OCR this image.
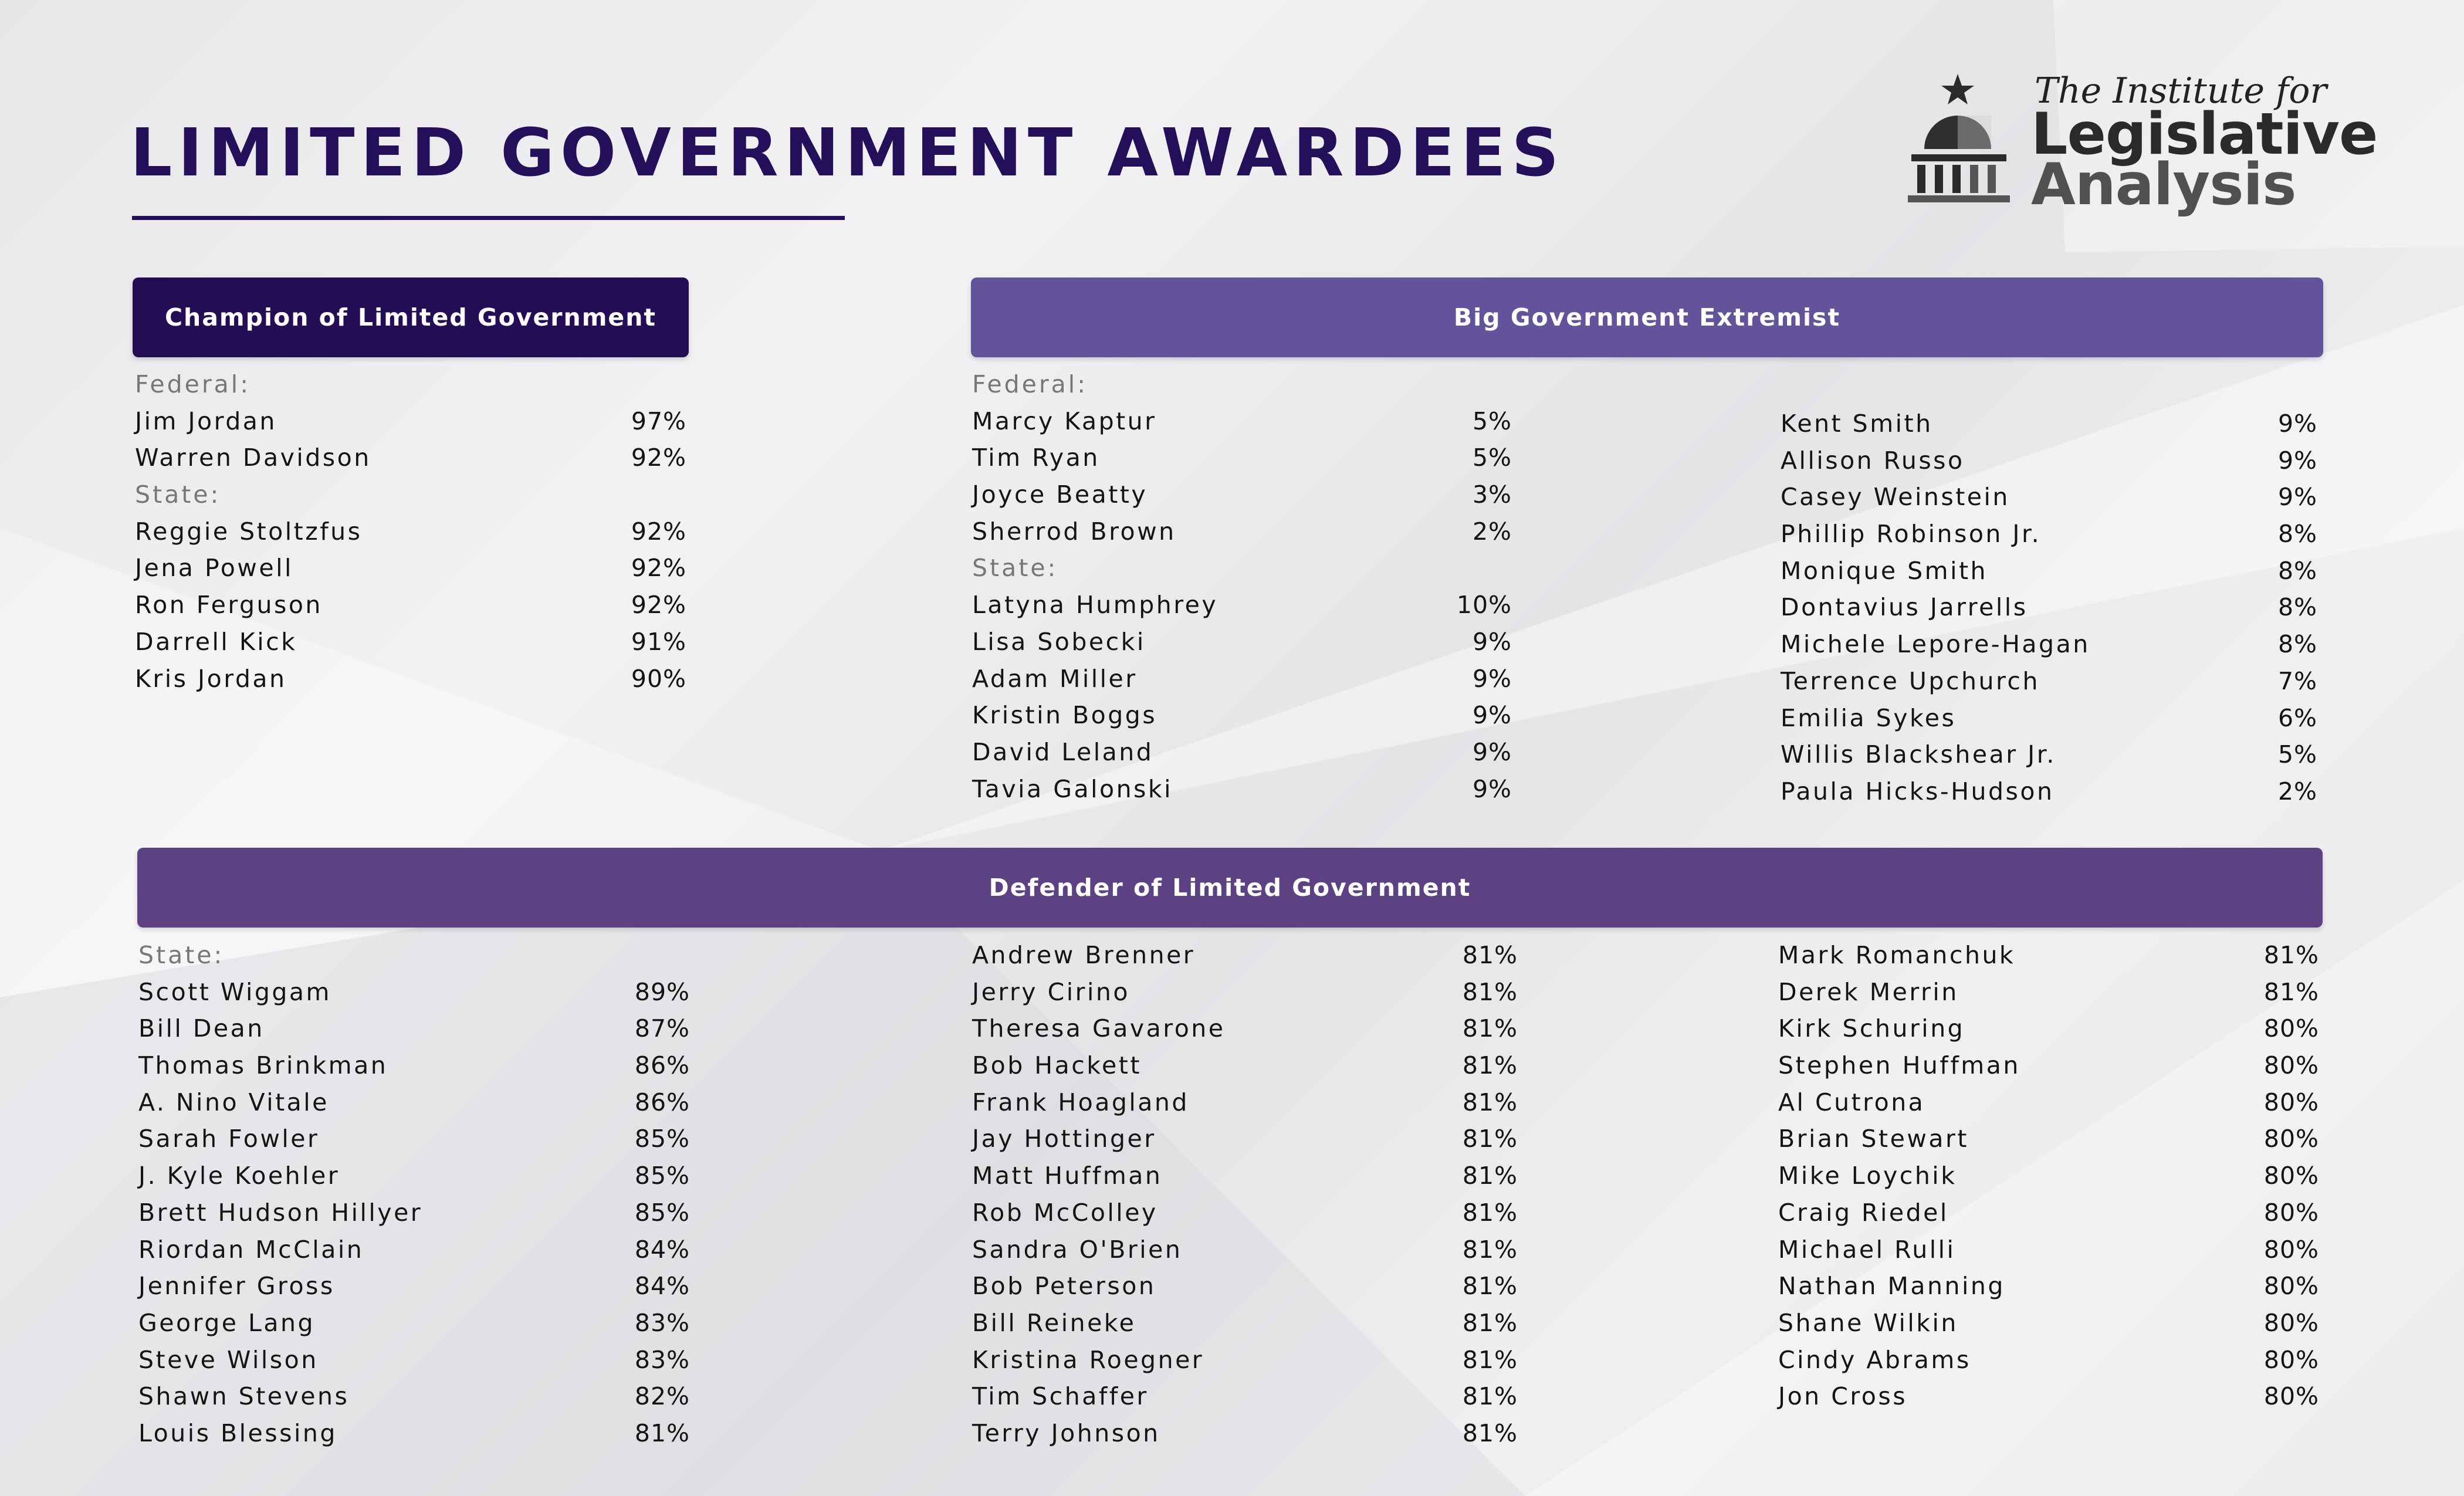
LIMITED GOVERNMENT AWARDEES
The Institute for
Legislative
Analysis
Champion of Limited Government	Big Government Extremist
Defender of Limited Government
Federal:
Jim Jordan	97%
Warren Davidson	92%
State:
Reggie Stoltzfus	92%
Jena Powell	92%
Ron Ferguson	92%
Darrell Kick	91%
Kris Jordan	90%
Federal:
Marcy Kaptur	5%
Tim Ryan	5%
Joyce Beatty	3%
Sherrod Brown	2%
State:
Latyna Humphrey	10%
Lisa Sobecki	9%
Adam Miller	9%
Kristin Boggs	9%
David Leland	9%
Tavia Galonski	9%
Kent Smith	9%
Allison Russo	9%
Casey Weinstein	9%
Phillip Robinson Jr.	8%
Monique Smith	8%
Dontavius Jarrells	8%
Michele Lepore-Hagan	8%
Terrence Upchurch	7%
Emilia Sykes	6%
Willis Blackshear Jr.	5%
Paula Hicks-Hudson	2%
State:
Scott Wiggam	89%
Bill Dean	87%
Thomas Brinkman	86%
A. Nino Vitale	86%
Sarah Fowler	85%
J. Kyle Koehler	85%
Brett Hudson Hillyer	85%
Riordan McClain	84%
Jennifer Gross	84%
George Lang	83%
Steve Wilson	83%
Shawn Stevens	82%
Louis Blessing	81%
Andrew Brenner	81%
Jerry Cirino	81%
Theresa Gavarone	81%
Bob Hackett	81%
Frank Hoagland	81%
Jay Hottinger	81%
Matt Huffman	81%
Rob McColley	81%
Sandra O'Brien	81%
Bob Peterson	81%
Bill Reineke	81%
Kristina Roegner	81%
Tim Schaffer	81%
Terry Johnson	81%
Mark Romanchuk	81%
Derek Merrin	81%
Kirk Schuring	80%
Stephen Huffman	80%
Al Cutrona	80%
Brian Stewart	80%
Mike Loychik	80%
Craig Riedel	80%
Michael Rulli	80%
Nathan Manning	80%
Shane Wilkin	80%
Cindy Abrams	80%
Jon Cross	80%
